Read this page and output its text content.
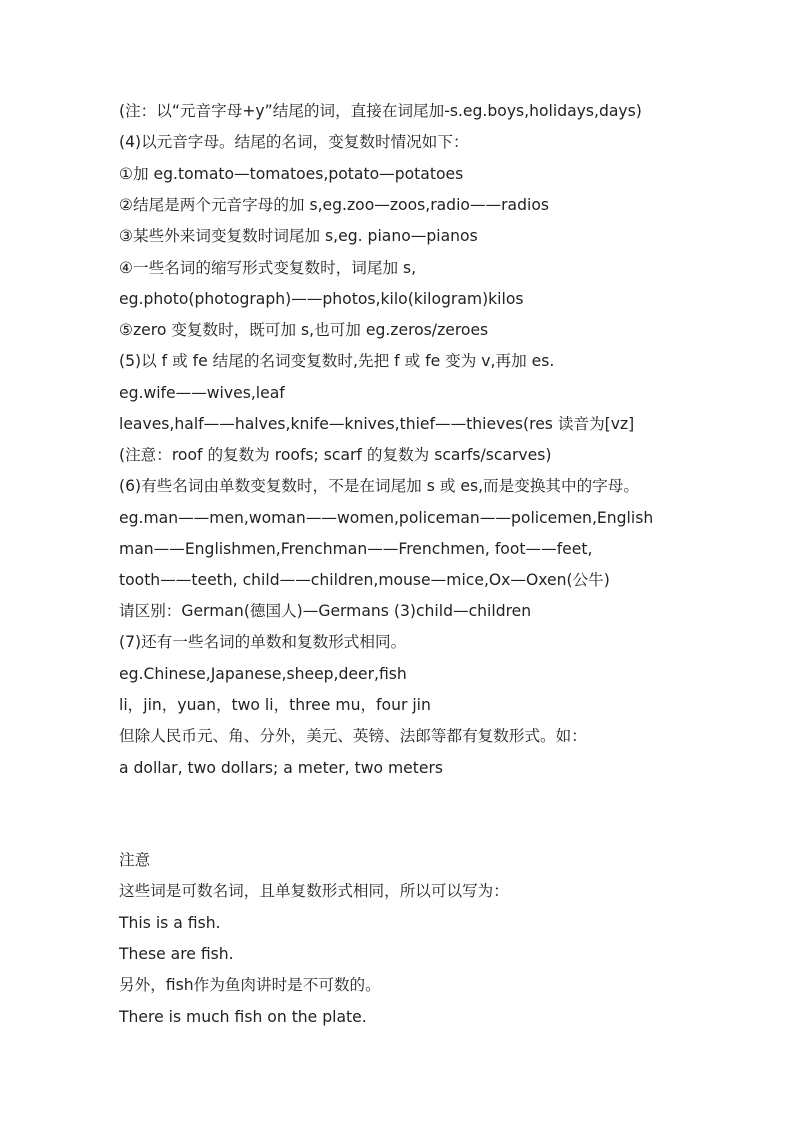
(注：以“元音字母+y”结尾的词，直接在词尾加-s.eg.boys,holidays,days)
(4)以元音字母。结尾的名词，变复数时情况如下：
①加 eg.tomato—tomatoes,potato—potatoes
②结尾是两个元音字母的加 s,eg.zoo—zoos,radio——radios
③某些外来词变复数时词尾加 s,eg. piano—pianos
④一些名词的缩写形式变复数时，词尾加 s,
eg.photo(photograph)——photos,kilo(kilogram)kilos
⑤zero 变复数时，既可加 s,也可加 eg.zeros/zeroes
(5)以 f 或 fe 结尾的名词变复数时,先把 f 或 fe 变为 v,再加 es.
eg.wife——wives,leaf
leaves,half——halves,knife—knives,thief——thieves(res 读音为[vz]
(注意：roof 的复数为 roofs; scarf 的复数为 scarfs/scarves)
(6)有些名词由单数变复数时，不是在词尾加 s 或 es,而是变换其中的字母。
eg.man——men,woman——women,policeman——policemen,English
man——Englishmen,Frenchman——Frenchmen, foot——feet,
tooth——teeth, child——children,mouse—mice,Ox—Oxen(公牛)
请区别：German(德国人)—Germans (3)child—children
(7)还有一些名词的单数和复数形式相同。
eg.Chinese,Japanese,sheep,deer,fish
li，jin，yuan，two li，three mu，four jin
但除人民币元、角、分外，美元、英镑、法郎等都有复数形式。如：
a dollar, two dollars; a meter, two meters
注意
这些词是可数名词，且单复数形式相同，所以可以写为：
This is a fish.
These are fish.
另外，fish作为鱼肉讲时是不可数的。
There is much fish on the plate.
